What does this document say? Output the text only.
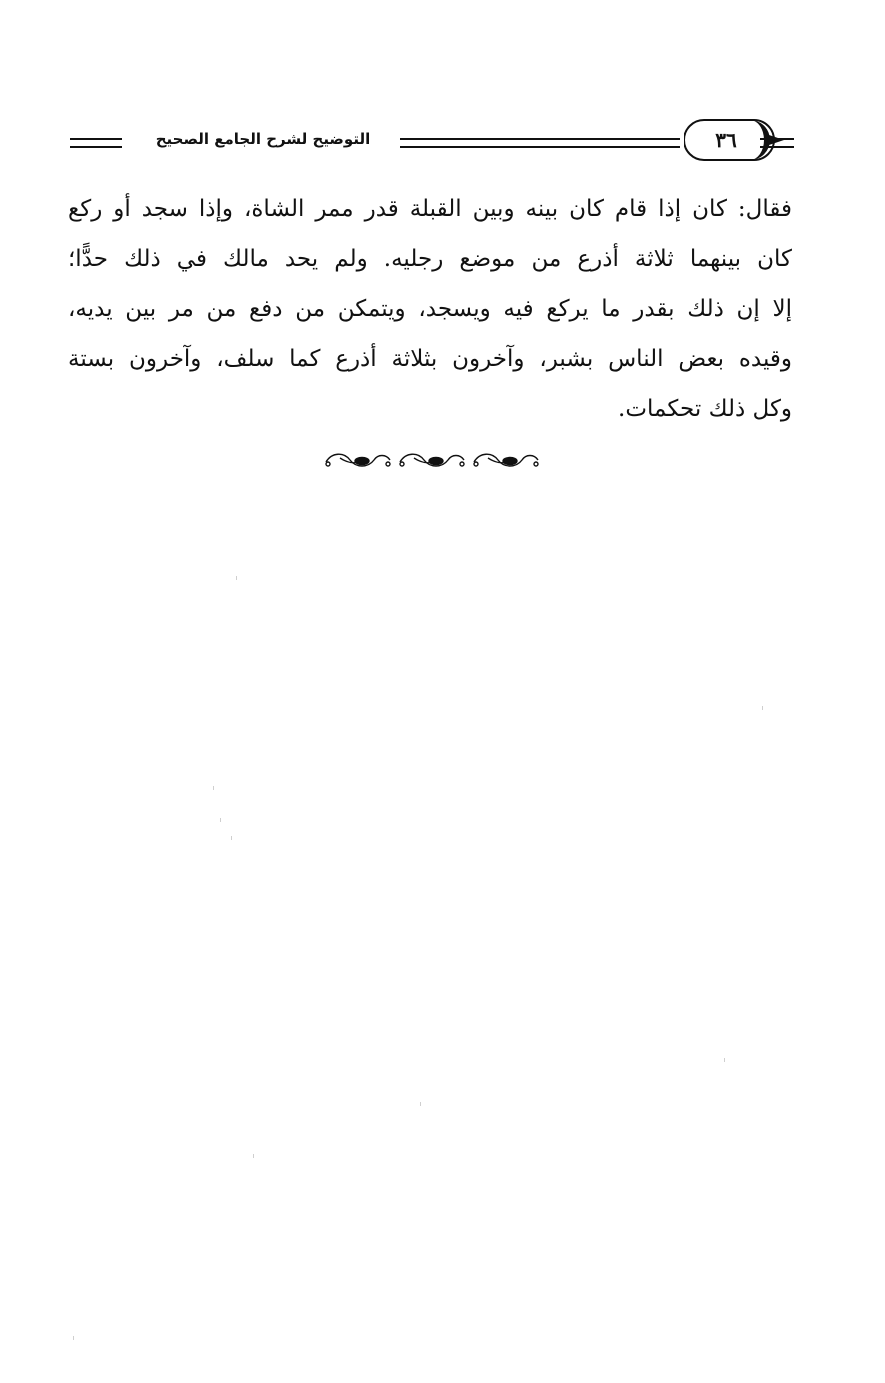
التوضيح لشرح الجامع الصحيح	٣٦
فقال: كان إذا قام كان بينه وبين القبلة قدر ممر الشاة، وإذا سجد أو ركع
كان بينهما ثلاثة أذرع من موضع رجليه. ولم يحد مالك في ذلك حدًّا؛
إلا إن ذلك بقدر ما يركع فيه ويسجد، ويتمكن من دفع من مر بين يديه،
وقيده بعض الناس بشبر، وآخرون بثلاثة أذرع كما سلف، وآخرون بستة
وكل ذلك تحكمات.
